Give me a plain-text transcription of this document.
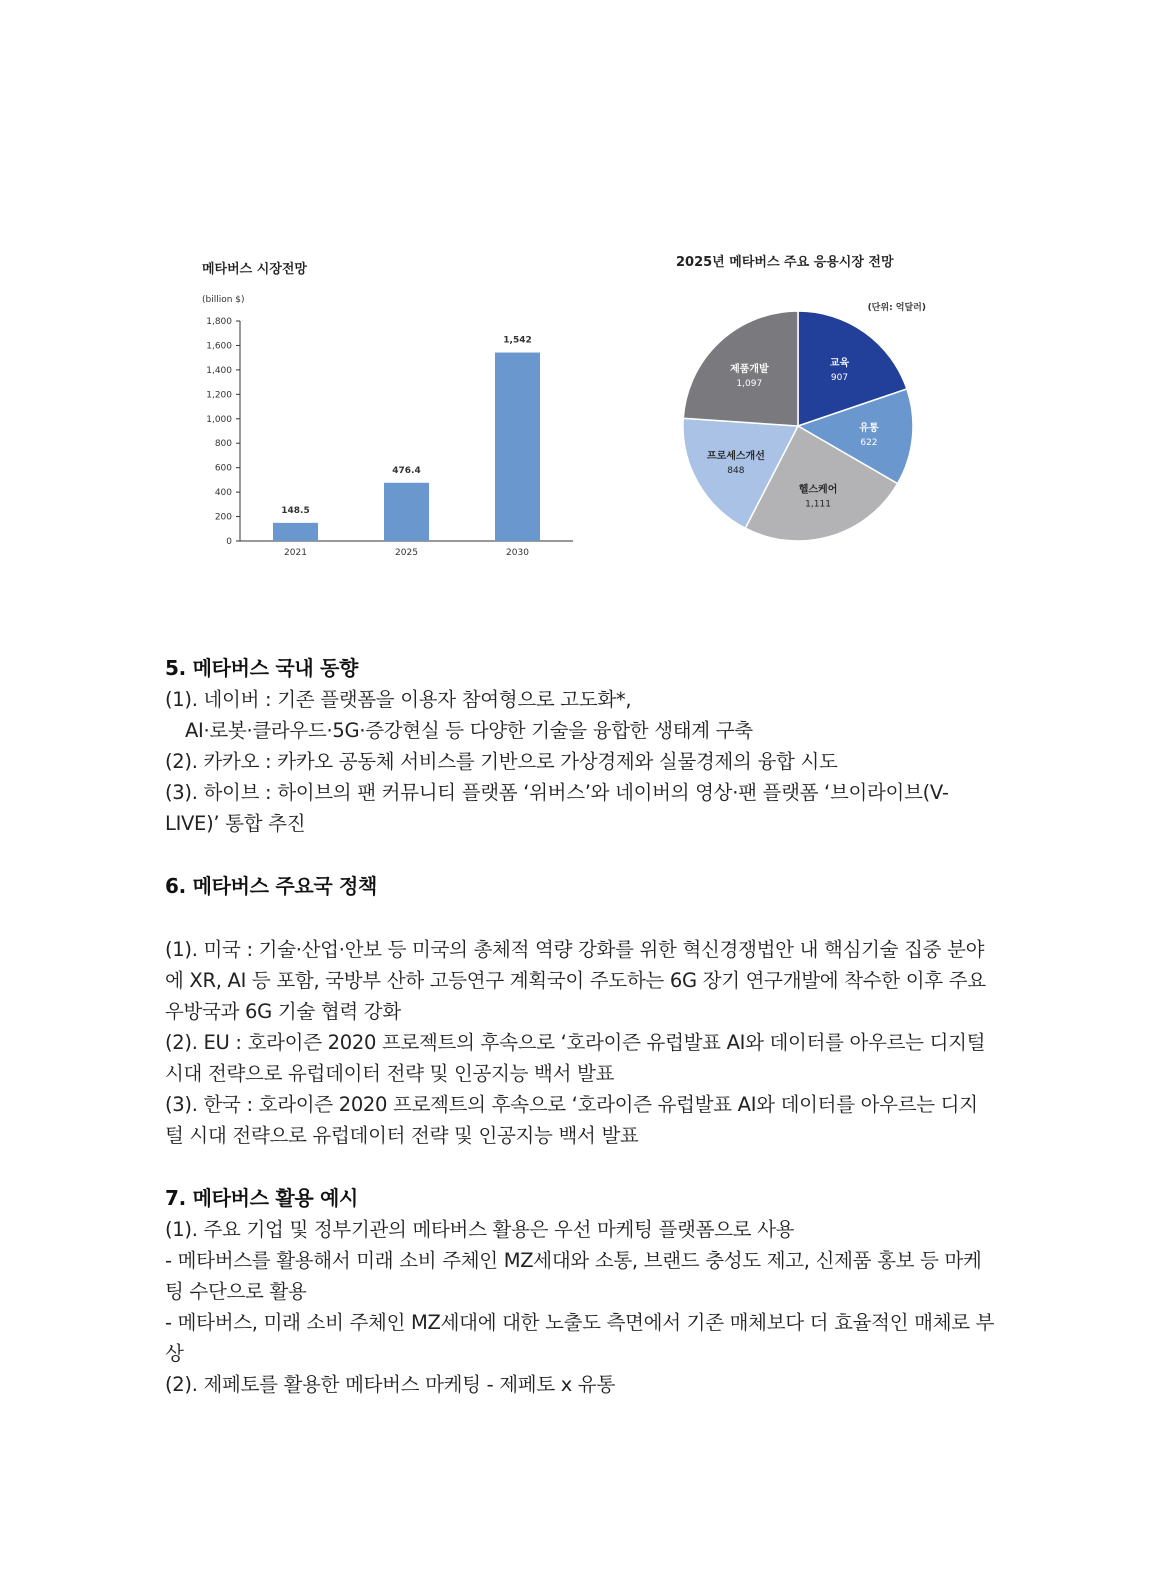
메타버스 시장전망
(billion $)
0
200
400
600
800
1,000
1,200
1,400
1,600
1,800
148.5
2021
476.4
2025
1,542
2030
2025년 메타버스 주요 응용시장 전망
(단위: 억달러)
교육
907
유통
622
헬스케어
1,111
프로세스개선
848
제품개발
1,097
5. 메타버스 국내 동향

(1). 네이버 : 기존 플랫폼을 이용자 참여형으로 고도화*,

AI·로봇·클라우드·5G·증강현실 등 다양한 기술을 융합한 생태계 구축

(2). 카카오 : 카카오 공동체 서비스를 기반으로 가상경제와 실물경제의 융합 시도

(3). 하이브 : 하이브의 팬 커뮤니티 플랫폼 ‘위버스’와 네이버의 영상·팬 플랫폼 ‘브이라이브(V-LIVE)’ 통합 추진

6. 메타버스 주요국 정책

(1). 미국 : 기술·산업·안보 등 미국의 총체적 역량 강화를 위한 혁신경쟁법안 내 핵심기술 집중 분야에 XR, AI 등 포함, 국방부 산하 고등연구 계획국이 주도하는 6G 장기 연구개발에 착수한 이후 주요 우방국과 6G 기술 협력 강화

(2). EU : 호라이즌 2020 프로젝트의 후속으로 ‘호라이즌 유럽발표 AI와 데이터를 아우르는 디지털 시대 전략으로 유럽데이터 전략 및 인공지능 백서 발표

(3). 한국 : 호라이즌 2020 프로젝트의 후속으로 ‘호라이즌 유럽발표 AI와 데이터를 아우르는 디지털 시대 전략으로 유럽데이터 전략 및 인공지능 백서 발표

7. 메타버스 활용 예시

(1). 주요 기업 및 정부기관의 메타버스 활용은 우선 마케팅 플랫폼으로 사용

- 메타버스를 활용해서 미래 소비 주체인 MZ세대와 소통, 브랜드 충성도 제고, 신제품 홍보 등 마케팅 수단으로 활용

- 메타버스, 미래 소비 주체인 MZ세대에 대한 노출도 측면에서 기존 매체보다 더 효율적인 매체로 부상

(2). 제페토를 활용한 메타버스 마케팅 - 제페토 x 유통
